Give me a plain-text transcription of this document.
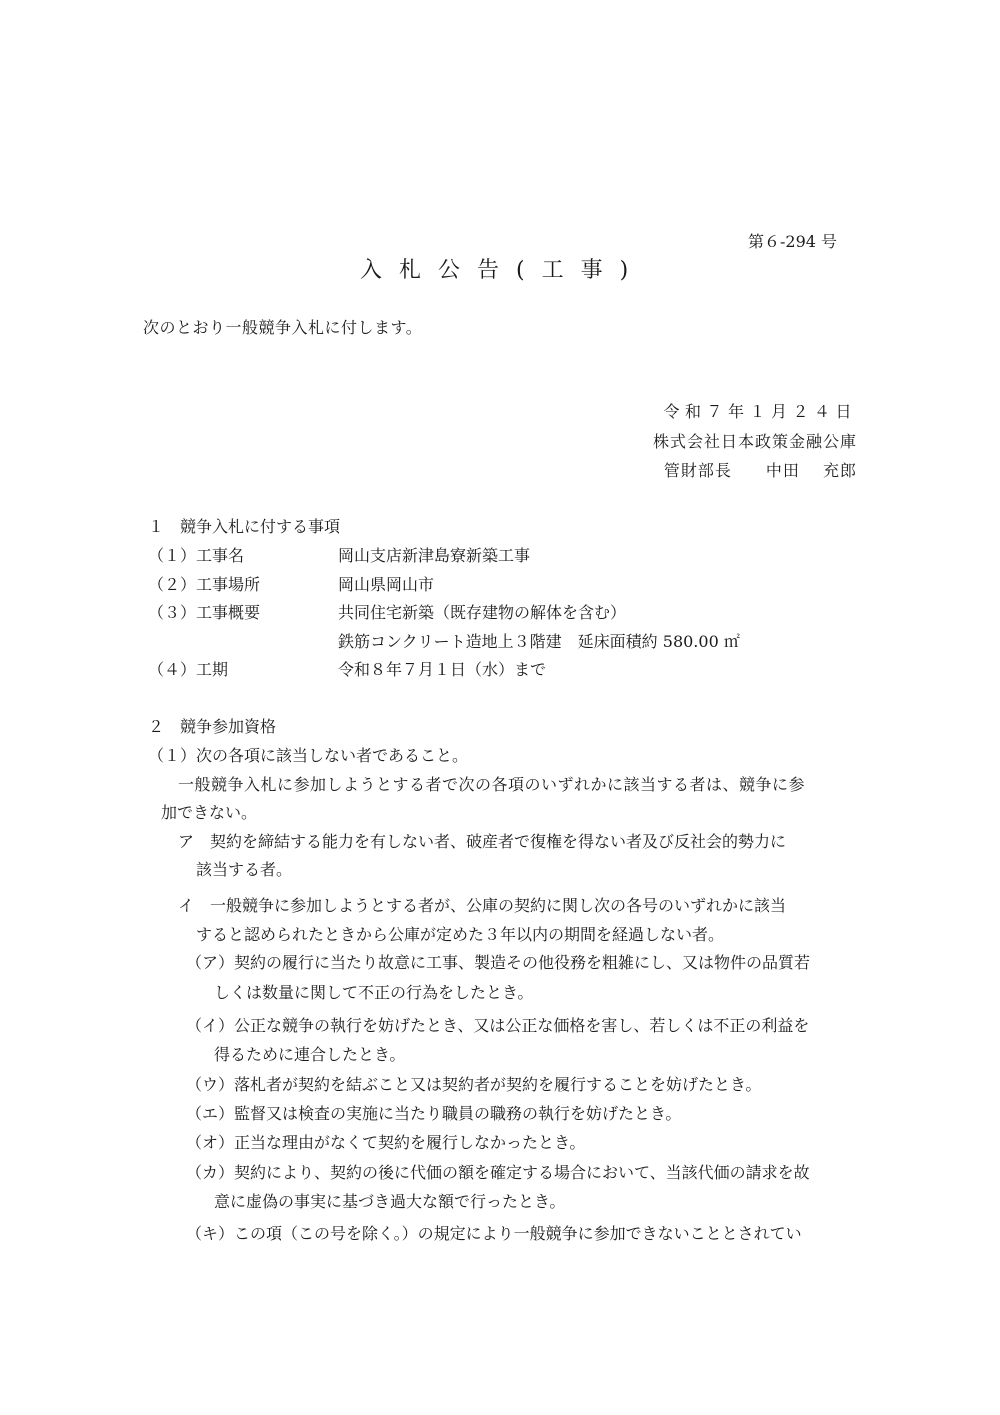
第６-294 号
入札公告(工事)
次のとおり一般競争入札に付します。
令和７年１月２４日
株式会社日本政策金融公庫
管財部長　　中田　 充郎
１　競争入札に付する事項
（１）工事名	岡山支店新津島寮新築工事
（２）工事場所	岡山県岡山市
（３）工事概要	共同住宅新築（既存建物の解体を含む）
鉄筋コンクリート造地上３階建　延床面積約 580.00 ㎡
（４）工期	令和８年７月１日（水）まで
２　競争参加資格
（１）次の各項に該当しない者であること。
一般競争入札に参加しようとする者で次の各項のいずれかに該当する者は、競争に参
加できない。
ア　契約を締結する能力を有しない者、破産者で復権を得ない者及び反社会的勢力に
該当する者。
イ　一般競争に参加しようとする者が、公庫の契約に関し次の各号のいずれかに該当
すると認められたときから公庫が定めた３年以内の期間を経過しない者。
（ア）契約の履行に当たり故意に工事、製造その他役務を粗雑にし、又は物件の品質若
しくは数量に関して不正の行為をしたとき。
（イ）公正な競争の執行を妨げたとき、又は公正な価格を害し、若しくは不正の利益を
得るために連合したとき。
（ウ）落札者が契約を結ぶこと又は契約者が契約を履行することを妨げたとき。
（エ）監督又は検査の実施に当たり職員の職務の執行を妨げたとき。
（オ）正当な理由がなくて契約を履行しなかったとき。
（カ）契約により、契約の後に代価の額を確定する場合において、当該代価の請求を故
意に虚偽の事実に基づき過大な額で行ったとき。
（キ）この項（この号を除く。）の規定により一般競争に参加できないこととされてい
